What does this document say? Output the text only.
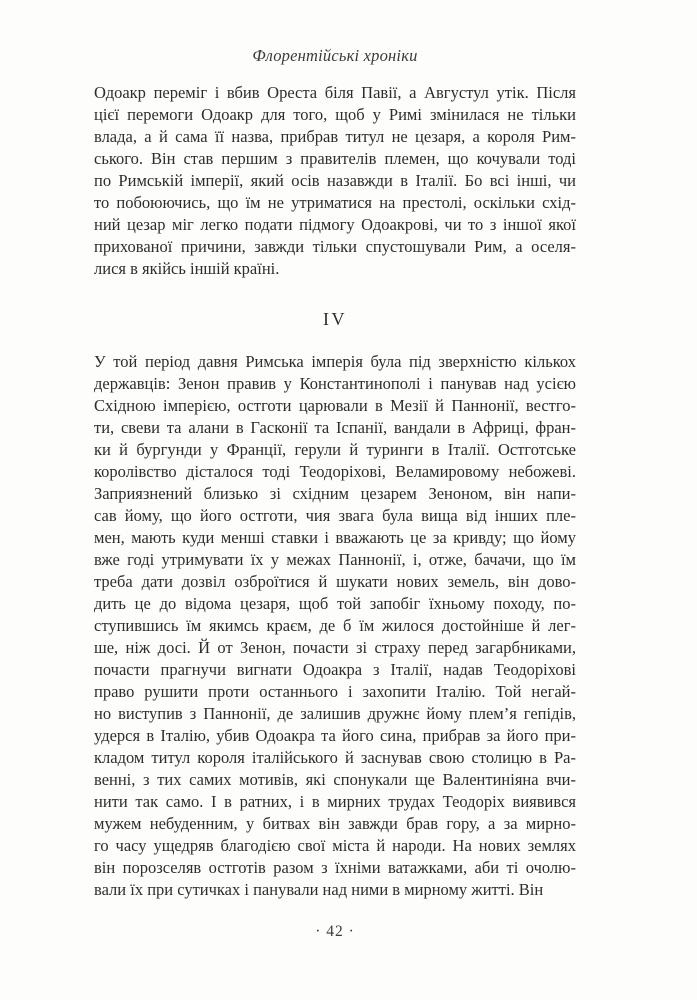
Флорентійські хроніки
Одоакр переміг і вбив Ореста біля Павії, а Августул утік. Після
цієї перемоги Одоакр для того, щоб у Римі змінилася не тільки
влада, а й сама її назва, прибрав титул не цезаря, а короля Рим-
ського. Він став першим з правителів племен, що кочували тоді
по Римській імперії, який осів назавжди в Італії. Бо всі інші, чи
то побоюючись, що їм не утриматися на престолі, оскільки схід-
ний цезар міг легко подати підмогу Одоакрові, чи то з іншої якої
прихованої причини, завжди тільки спустошували Рим, а оселя-
лися в якійсь іншій країні.
IV
У той період давня Римська імперія була під зверхністю кількох
державців: Зенон правив у Константинополі і панував над усією
Східною імперією, остготи царювали в Мезії й Паннонії, вестго-
ти, свеви та алани в Гасконії та Іспанії, вандали в Африці, фран-
ки й бургунди у Франції, герули й туринги в Італії. Остготське
королівство дісталося тоді Теодоріхові, Веламировому небожеві.
Заприязнений близько зі східним цезарем Зеноном, він напи-
сав йому, що його остготи, чия звага була вища від інших пле-
мен, мають куди менші ставки і вважають це за кривду; що йому
вже годі утримувати їх у межах Паннонії, і, отже, бачачи, що їм
треба дати дозвіл озброїтися й шукати нових земель, він дово-
дить це до відома цезаря, щоб той запобіг їхньому походу, по-
ступившись їм якимсь краєм, де б їм жилося достойніше й лег-
ше, ніж досі. Й от Зенон, почасти зі страху перед загарбниками,
почасти прагнучи вигнати Одоакра з Італії, надав Теодоріхові
право рушити проти останнього і захопити Італію. Той негай-
но виступив з Паннонії, де залишив дружнє йому плем’я гепідів,
удерся в Італію, убив Одоакра та його сина, прибрав за його при-
кладом титул короля італійського й заснував свою столицю в Ра-
венні, з тих самих мотивів, які спонукали ще Валентиніяна вчи-
нити так само. І в ратних, і в мирних трудах Теодоріх виявився
мужем небуденним, у битвах він завжди брав гору, а за мирно-
го часу ущедряв благодією свої міста й народи. На нових землях
він порозселяв остготів разом з їхніми ватажками, аби ті очолю-
вали їх при сутичках і панували над ними в мирному житті. Він
· 42 ·
